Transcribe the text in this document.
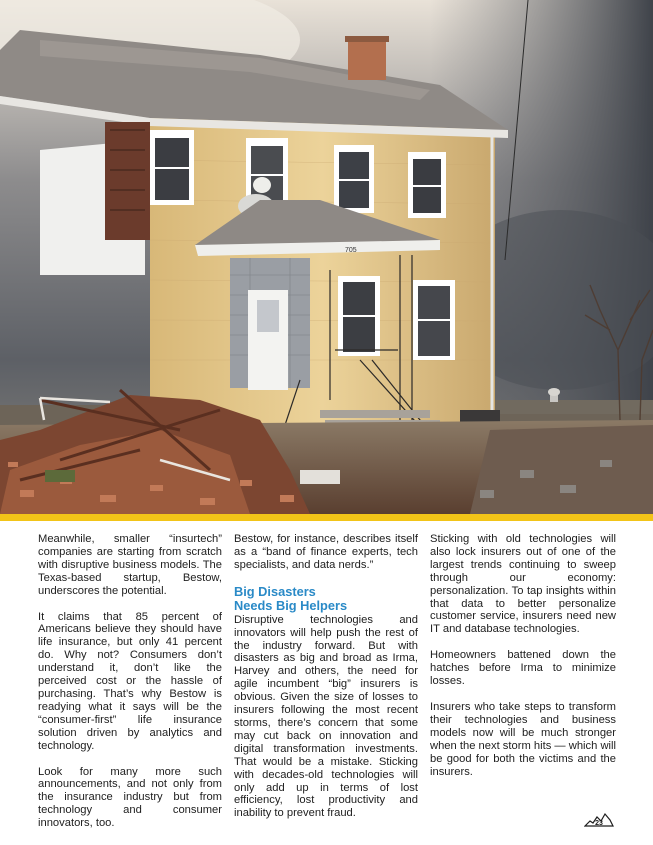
705

Meanwhile, smaller “insurtech” companies are starting from scratch with disruptive business models. The Texas-based startup, Bestow, underscores the potential.

It claims that 85 percent of Americans believe they should have life insurance, but only 41 percent do. Why not? Consumers don’t understand it, don’t like the perceived cost or the hassle of purchasing. That’s why Bestow is readying what it says will be the “consumer-first” life insurance solution driven by analytics and technology.

Look for many more such announcements, and not only from the insurance industry but from technology and consumer innovators, too.

Bestow, for instance, describes itself as a “band of finance experts, tech specialists, and data nerds.”

Big Disasters
Needs Big Helpers

Disruptive technologies and innovators will help push the rest of the industry forward. But with disasters as big and broad as Irma, Harvey and others, the need for agile incumbent “big” insurers is obvious. Given the size of losses to insurers following the most recent storms, there’s concern that some may cut back on innovation and digital transformation investments. That would be a mistake. Sticking with decades-old technologies will only add up in terms of lost efficiency, lost productivity and inability to prevent fraud.

Sticking with old technologies will also lock insurers out of one of the largest trends continuing to sweep through our economy: personalization. To tap insights within that data to better personalize customer service, insurers need new IT and database technologies.

Homeowners battened down the hatches before Irma to minimize losses.

Insurers who take steps to transform their technologies and business models now will be much stronger when the next storm hits — which will be good for both the victims and the insurers.

23
